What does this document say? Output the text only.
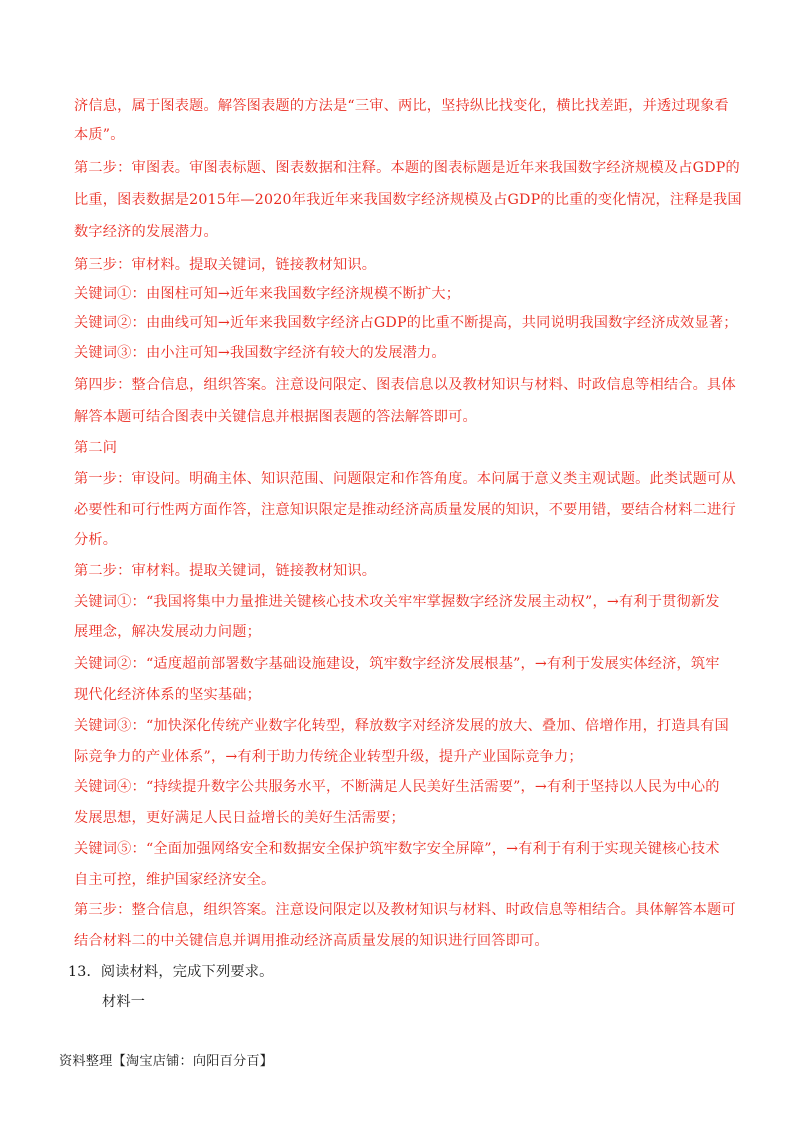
济信息，属于图表题。解答图表题的方法是“三审、两比，坚持纵比找变化，横比找差距，并透过现象看
本质”。
第二步：审图表。审图表标题、图表数据和注释。本题的图表标题是近年来我国数字经济规模及占GDP的
比重，图表数据是2015年—2020年我近年来我国数字经济规模及占GDP的比重的变化情况，注释是我国
数字经济的发展潜力。
第三步：审材料。提取关键词，链接教材知识。
关键词①：由图柱可知→近年来我国数字经济规模不断扩大；
关键词②：由曲线可知→近年来我国数字经济占GDP的比重不断提高，共同说明我国数字经济成效显著；
关键词③：由小注可知→我国数字经济有较大的发展潜力。
第四步：整合信息，组织答案。注意设问限定、图表信息以及教材知识与材料、时政信息等相结合。具体
解答本题可结合图表中关键信息并根据图表题的答法解答即可。
第二问
第一步：审设问。明确主体、知识范围、问题限定和作答角度。本问属于意义类主观试题。此类试题可从
必要性和可行性两方面作答，注意知识限定是推动经济高质量发展的知识，不要用错，要结合材料二进行
分析。
第二步：审材料。提取关键词，链接教材知识。
关键词①：“我国将集中力量推进关键核心技术攻关牢牢掌握数字经济发展主动权”，→有利于贯彻新发
展理念，解决发展动力问题；
关键词②：“适度超前部署数字基础设施建设，筑牢数字经济发展根基”，→有利于发展实体经济，筑牢
现代化经济体系的坚实基础；
关键词③：“加快深化传统产业数字化转型，释放数字对经济发展的放大、叠加、倍增作用，打造具有国
际竞争力的产业体系”，→有利于助力传统企业转型升级，提升产业国际竞争力；
关键词④：“持续提升数字公共服务水平，不断满足人民美好生活需要”，→有利于坚持以人民为中心的
发展思想，更好满足人民日益增长的美好生活需要；
关键词⑤：“全面加强网络安全和数据安全保护筑牢数字安全屏障”，→有利于有利于实现关键核心技术
自主可控，维护国家经济安全。
第三步：整合信息，组织答案。注意设问限定以及教材知识与材料、时政信息等相结合。具体解答本题可
结合材料二的中关键信息并调用推动经济高质量发展的知识进行回答即可。
13．阅读材料，完成下列要求。
材料一
资料整理【淘宝店铺：向阳百分百】
